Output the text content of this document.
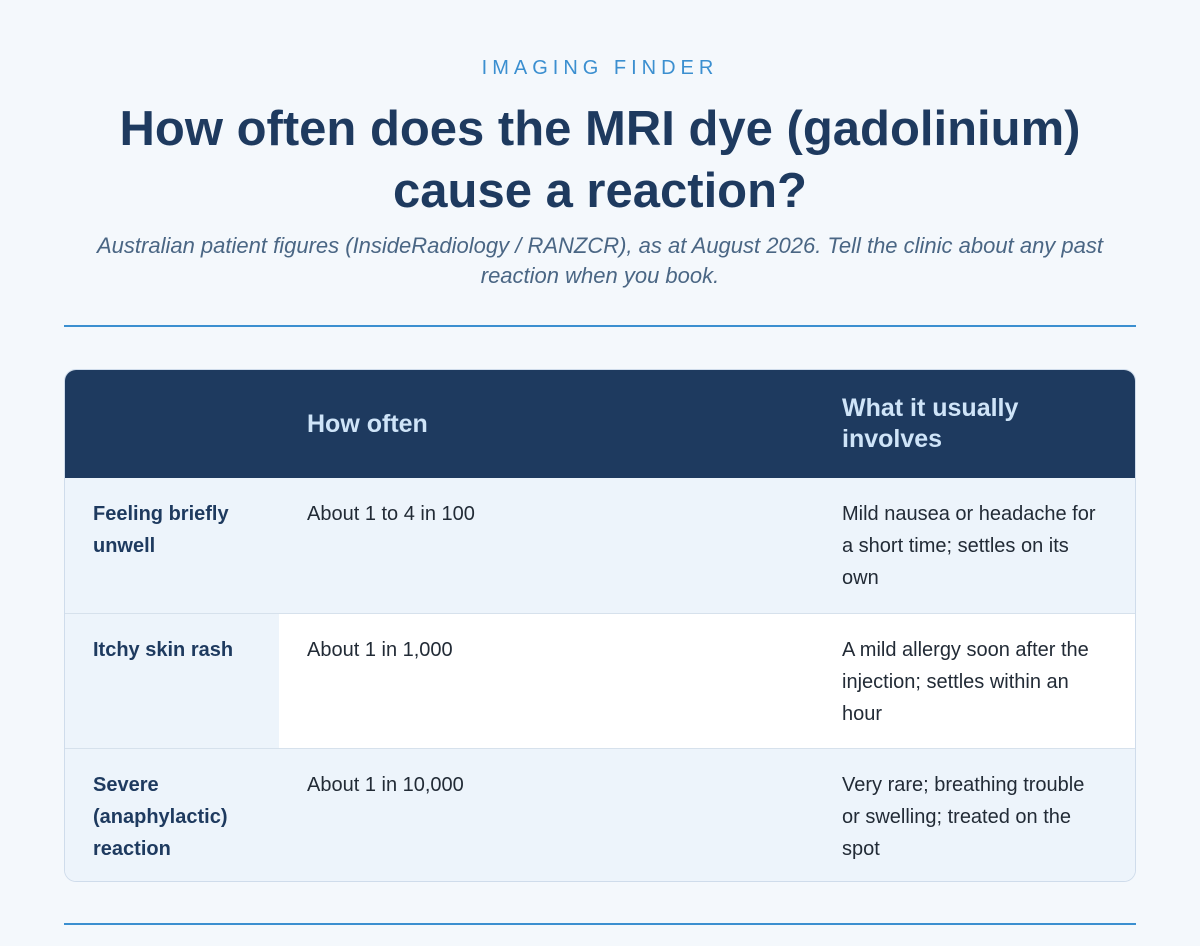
IMAGING FINDER
How often does the MRI dye (gadolinium) cause a reaction?

Australian patient figures (InsideRadiology / RANZCR), as at August 2026. Tell the clinic about any past reaction when you book.

	How often	What it usually involves
Feeling briefly unwell	About 1 to 4 in 100	Mild nausea or headache for a short time; settles on its own
Itchy skin rash	About 1 in 1,000	A mild allergy soon after the injection; settles within an hour
Severe (anaphylactic) reaction	About 1 in 10,000	Very rare; breathing trouble or swelling; treated on the spot
